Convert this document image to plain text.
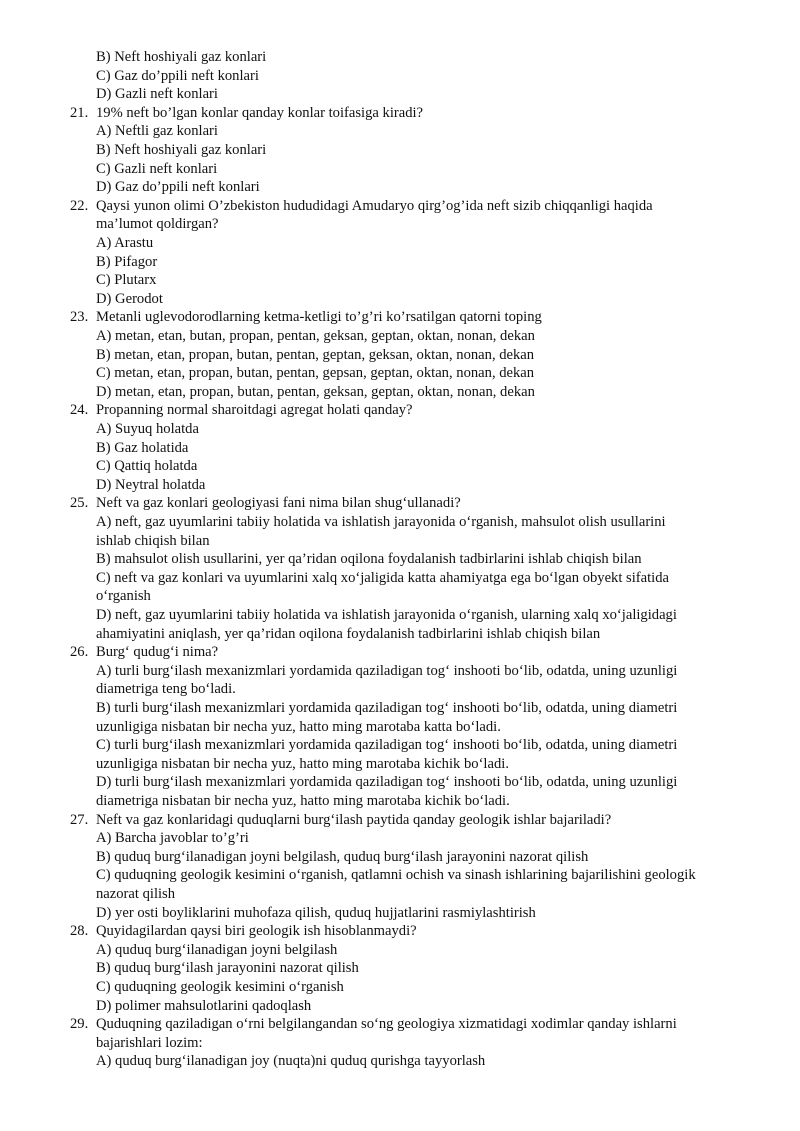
B) Neft hoshiyali gaz konlari
C) Gaz do’ppili neft konlari
D) Gazli neft konlari
21. 19% neft bo’lgan konlar qanday konlar toifasiga kiradi?
A) Neftli gaz konlari
B) Neft hoshiyali gaz konlari
C) Gazli neft konlari
D) Gaz do’ppili neft konlari
22. Qaysi yunon olimi O’zbekiston hududidagi Amudaryo qirg’og’ida neft sizib chiqqanligi haqida
ma’lumot qoldirgan?
A) Arastu
B) Pifagor
C) Plutarx
D) Gerodot
23. Metanli uglevodorodlarning ketma-ketligi to’g’ri ko’rsatilgan qatorni toping
A) metan, etan, butan, propan, pentan, geksan, geptan, oktan, nonan, dekan
B) metan, etan, propan, butan, pentan, geptan, geksan, oktan, nonan, dekan
C) metan, etan, propan, butan, pentan, gepsan, geptan, oktan, nonan, dekan
D) metan, etan, propan, butan, pentan, geksan, geptan, oktan, nonan, dekan
24. Propanning normal sharoitdagi agregat holati qanday?
A) Suyuq holatda
B) Gaz holatida
C) Qattiq holatda
D) Neytral holatda
25. Neft va gaz konlari geologiyasi fani nima bilan shug‘ullanadi?
A) neft, gaz uyumlarini tabiiy holatida va ishlatish jarayonida o‘rganish, mahsulot olish usullarini
ishlab chiqish bilan
B) mahsulot olish usullarini, yer qa’ridan oqilona foydalanish tadbirlarini ishlab chiqish bilan
C) neft va gaz konlari va uyumlarini xalq xo‘jaligida katta ahamiyatga ega bo‘lgan obyekt sifatida
o‘rganish
D) neft, gaz uyumlarini tabiiy holatida va ishlatish jarayonida o‘rganish, ularning xalq xo‘jaligidagi
ahamiyatini aniqlash, yer qa’ridan oqilona foydalanish tadbirlarini ishlab chiqish bilan
26. Burg‘ qudug‘i nima?
A) turli burg‘ilash mexanizmlari yordamida qaziladigan tog‘ inshooti bo‘lib, odatda, uning uzunligi
diametriga teng bo‘ladi.
B) turli burg‘ilash mexanizmlari yordamida qaziladigan tog‘ inshooti bo‘lib, odatda, uning diametri
uzunligiga nisbatan bir necha yuz, hatto ming marotaba katta bo‘ladi.
C) turli burg‘ilash mexanizmlari yordamida qaziladigan tog‘ inshooti bo‘lib, odatda, uning diametri
uzunligiga nisbatan bir necha yuz, hatto ming marotaba kichik bo‘ladi.
D) turli burg‘ilash mexanizmlari yordamida qaziladigan tog‘ inshooti bo‘lib, odatda, uning uzunligi
diametriga nisbatan bir necha yuz, hatto ming marotaba kichik bo‘ladi.
27. Neft va gaz konlaridagi quduqlarni burg‘ilash paytida qanday geologik ishlar bajariladi?
A) Barcha javoblar to’g’ri
B) quduq burg‘ilanadigan joyni belgilash, quduq burg‘ilash jarayonini nazorat qilish
C) quduqning geologik kesimini o‘rganish, qatlamni ochish va sinash ishlarining bajarilishini geologik
nazorat qilish
D) yer osti boyliklarini muhofaza qilish, quduq hujjatlarini rasmiylashtirish
28. Quyidagilardan qaysi biri geologik ish hisoblanmaydi?
A) quduq burg‘ilanadigan joyni belgilash
B) quduq burg‘ilash jarayonini nazorat qilish
C) quduqning geologik kesimini o‘rganish
D) polimer mahsulotlarini qadoqlash
29. Quduqning qaziladigan o‘rni belgilangandan so‘ng geologiya xizmatidagi xodimlar qanday ishlarni
bajarishlari lozim:
A) quduq burg‘ilanadigan joy (nuqta)ni quduq qurishga tayyorlash
